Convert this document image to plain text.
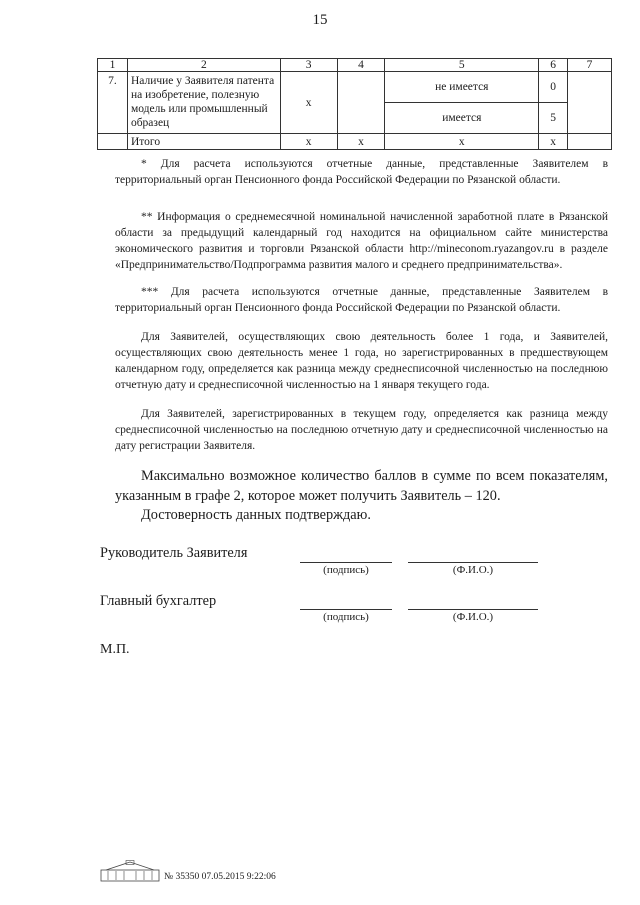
15
1	2	3	4	5	6	7
7.	Наличие у Заявителя патента на изобретение, полезную модель или промышленный образец	x		не имеется	0	
				имеется	5	
	Итого	x	x	x	x	
* Для расчета используются отчетные данные, представленные Заявителем в территориальный орган Пенсионного фонда Российской Федерации по Рязанской области.
** Информация о среднемесячной номинальной начисленной заработной плате в Рязанской области за предыдущий календарный год находится на официальном сайте министерства экономического развития и торговли Рязанской области http://mineconom.ryazangov.ru в разделе «Предпринимательство/Подпрограмма развития малого и среднего предпринимательства».
*** Для расчета используются отчетные данные, представленные Заявителем в территориальный орган Пенсионного фонда Российской Федерации по Рязанской области.
Для Заявителей, осуществляющих свою деятельность более 1 года, и Заявителей, осуществляющих свою деятельность менее 1 года, но зарегистрированных в предшествующем календарном году, определяется как разница между среднесписочной численностью на последнюю отчетную дату и среднесписочной численностью на 1 января текущего года.
Для Заявителей, зарегистрированных в текущем году, определяется как разница между среднесписочной численностью на последнюю отчетную дату и среднесписочной численностью на дату регистрации Заявителя.
Максимально возможное количество баллов в сумме по всем показателям, указанным в графе 2, которое может получить Заявитель – 120.
Достоверность данных подтверждаю.
Руководитель Заявителя
(подпись)	(Ф.И.О.)
Главный бухгалтер
(подпись)	(Ф.И.О.)
М.П.
№ 35350 07.05.2015 9:22:06
